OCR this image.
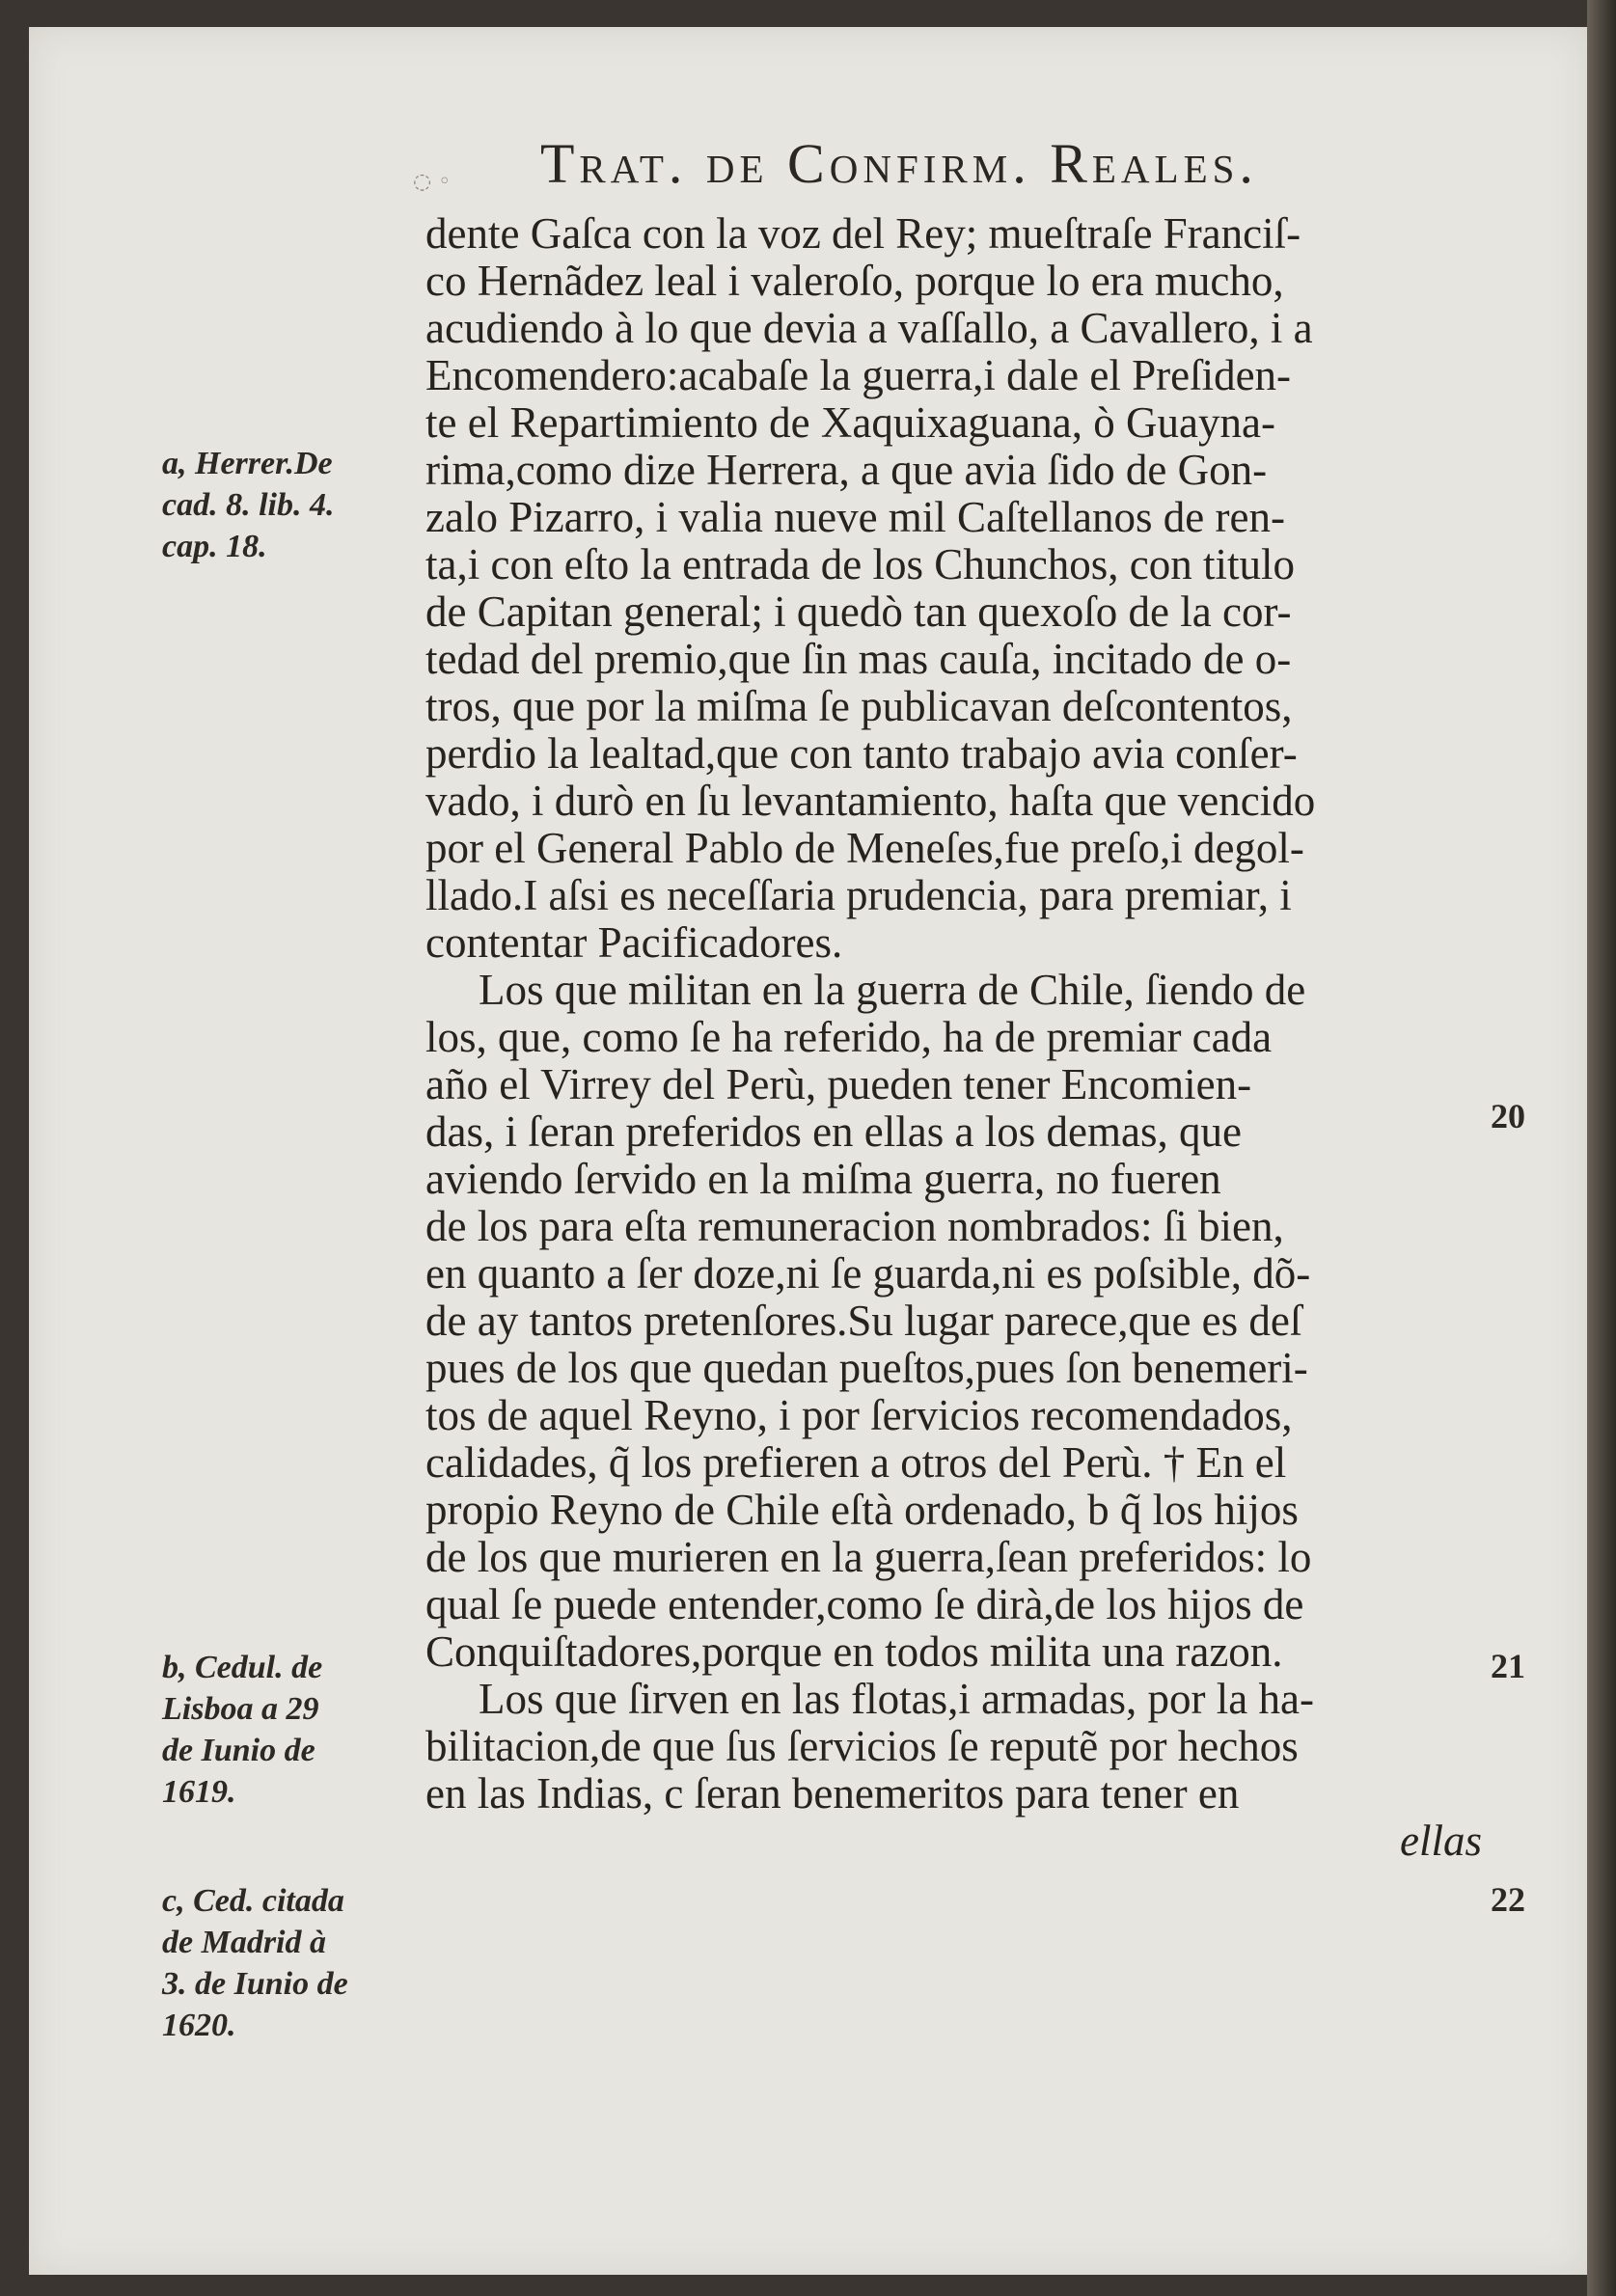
◌ ◦ Trat. de Confirm. Reales.
dente Gaſca con la voz del Rey; mueſtraſe Franciſ-
co Hernãdez leal i valeroſo, porque lo era mucho,
acudiendo à lo que devia a vaſſallo, a Cavallero, i a
Encomendero:acabaſe la guerra,i dale el Preſiden-
te el Repartimiento de Xaquixaguana, ò Guayna-
rima,como dize Herrera, a que avia ſido de Gon-
zalo Pizarro, i valia nueve mil Caſtellanos de ren-
ta,i con eſto la entrada de los Chunchos, con titulo
de Capitan general; i quedò tan quexoſo de la cor-
tedad del premio,que ſin mas cauſa, incitado de o-
tros, que por la miſma ſe publicavan deſcontentos,
perdio la lealtad,que con tanto trabajo avia conſer-
vado, i durò en ſu levantamiento, haſta que vencido
por el General Pablo de Meneſes,fue preſo,i degol-
llado.I aſsi es neceſſaria prudencia, para premiar, i
contentar Pacificadores.
Los que militan en la guerra de Chile, ſiendo de
los, que, como ſe ha referido, ha de premiar cada
año el Virrey del Perù, pueden tener Encomien-
das, i ſeran preferidos en ellas a los demas, que
aviendo ſervido en la miſma guerra, no fueren
de los para eſta remuneracion nombrados: ſi bien,
en quanto a ſer doze,ni ſe guarda,ni es poſsible, dõ-
de ay tantos pretenſores.Su lugar parece,que es deſ
pues de los que quedan pueſtos,pues ſon benemeri-
tos de aquel Reyno, i por ſervicios recomendados,
calidades, q̃ los prefieren a otros del Perù. † En el
propio Reyno de Chile eſtà ordenado, b q̃ los hijos
de los que murieren en la guerra,ſean preferidos: lo
qual ſe puede entender,como ſe dirà,de los hijos de
Conquiſtadores,porque en todos milita una razon.
Los que ſirven en las flotas,i armadas, por la ha-
bilitacion,de que ſus ſervicios ſe reputẽ por hechos
en las Indias, c ſeran benemeritos para tener en
ellas
a, Herrer.De
cad. 8. lib. 4.
cap. 18.
b, Cedul. de
Lisboa a 29
de Iunio de
1619.
c, Ced. citada
de Madrid à
3. de Iunio de
1620.
20
21
22
